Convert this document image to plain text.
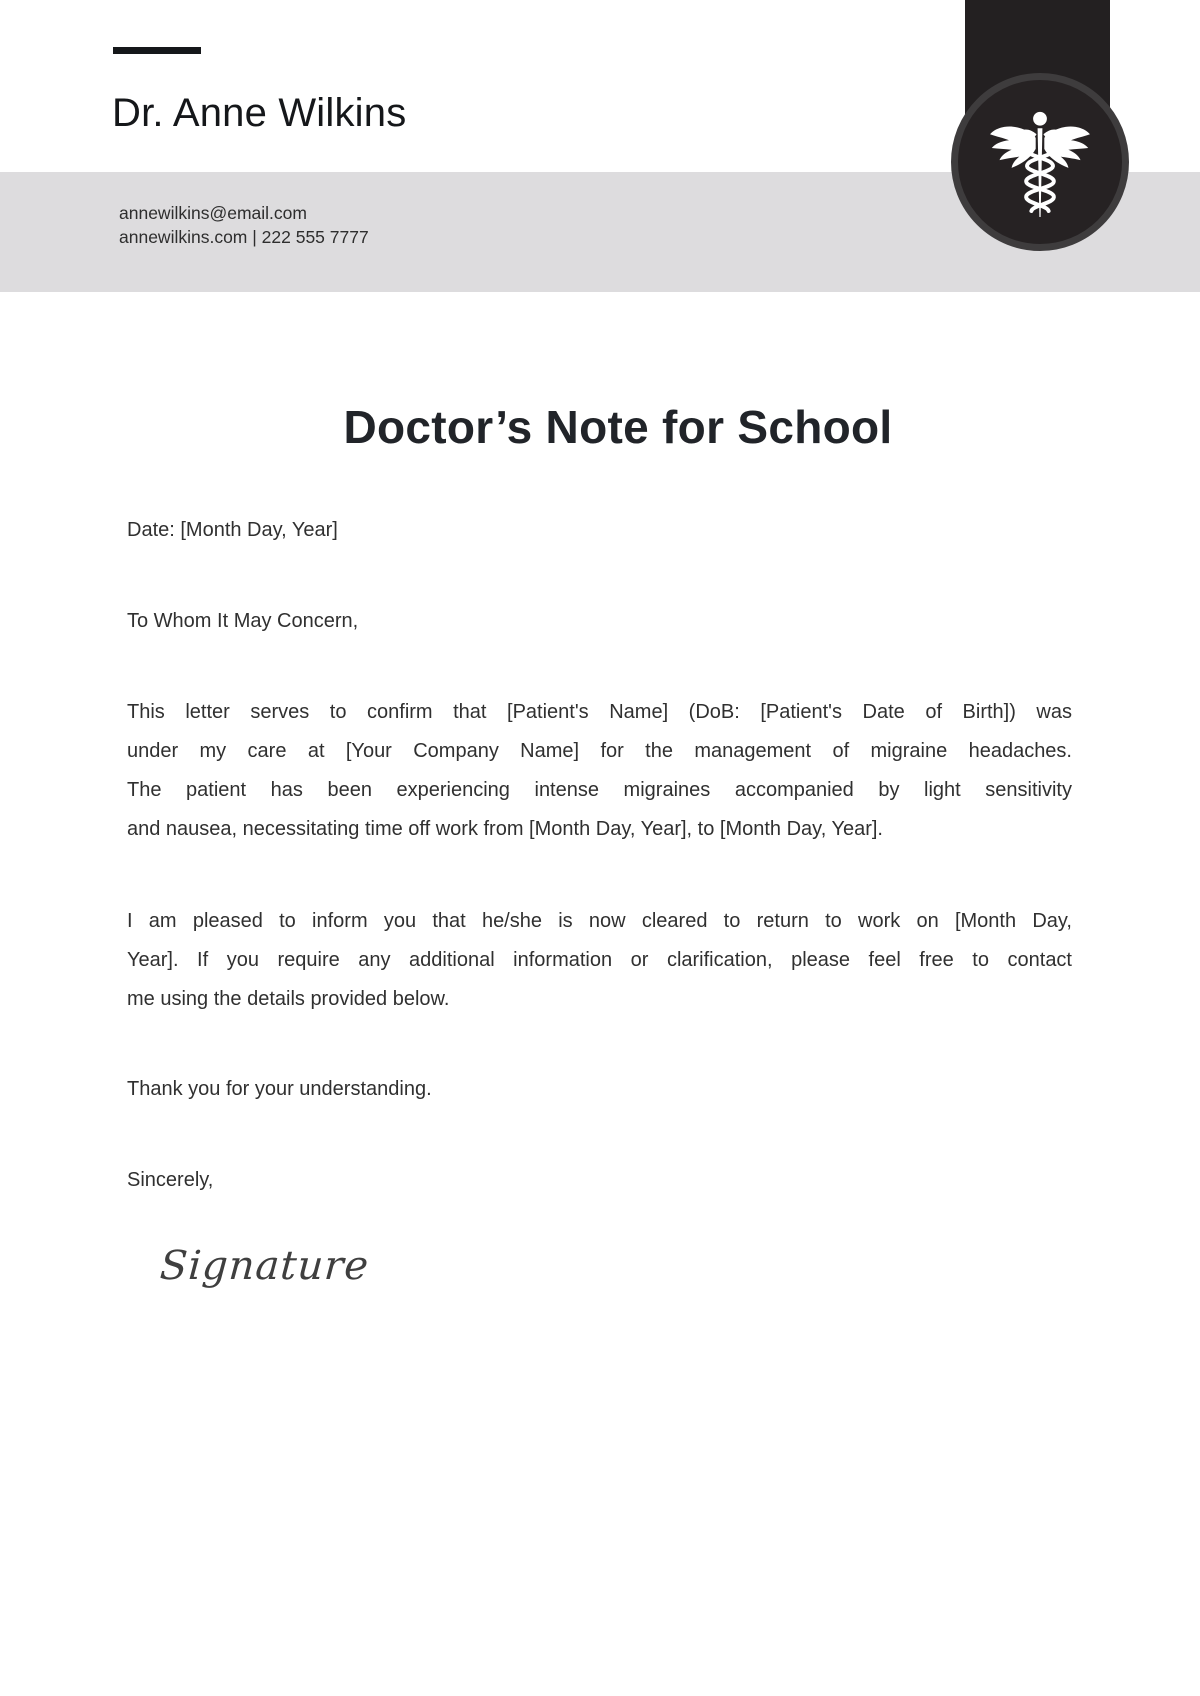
Dr. Anne Wilkins
annewilkins@email.com
annewilkins.com | 222 555 7777
Doctor’s Note for School
Date: [Month Day, Year]
To Whom It May Concern,
This letter serves to confirm that [Patient's Name] (DoB: [Patient's Date of Birth]) was
under my care at [Your Company Name] for the management of migraine headaches.
The patient has been experiencing intense migraines accompanied by light sensitivity
and nausea, necessitating time off work from [Month Day, Year], to [Month Day, Year].
I am pleased to inform you that he/she is now cleared to return to work on [Month Day,
Year]. If you require any additional information or clarification, please feel free to contact
me using the details provided below.
Thank you for your understanding.
Sincerely,
Signature
